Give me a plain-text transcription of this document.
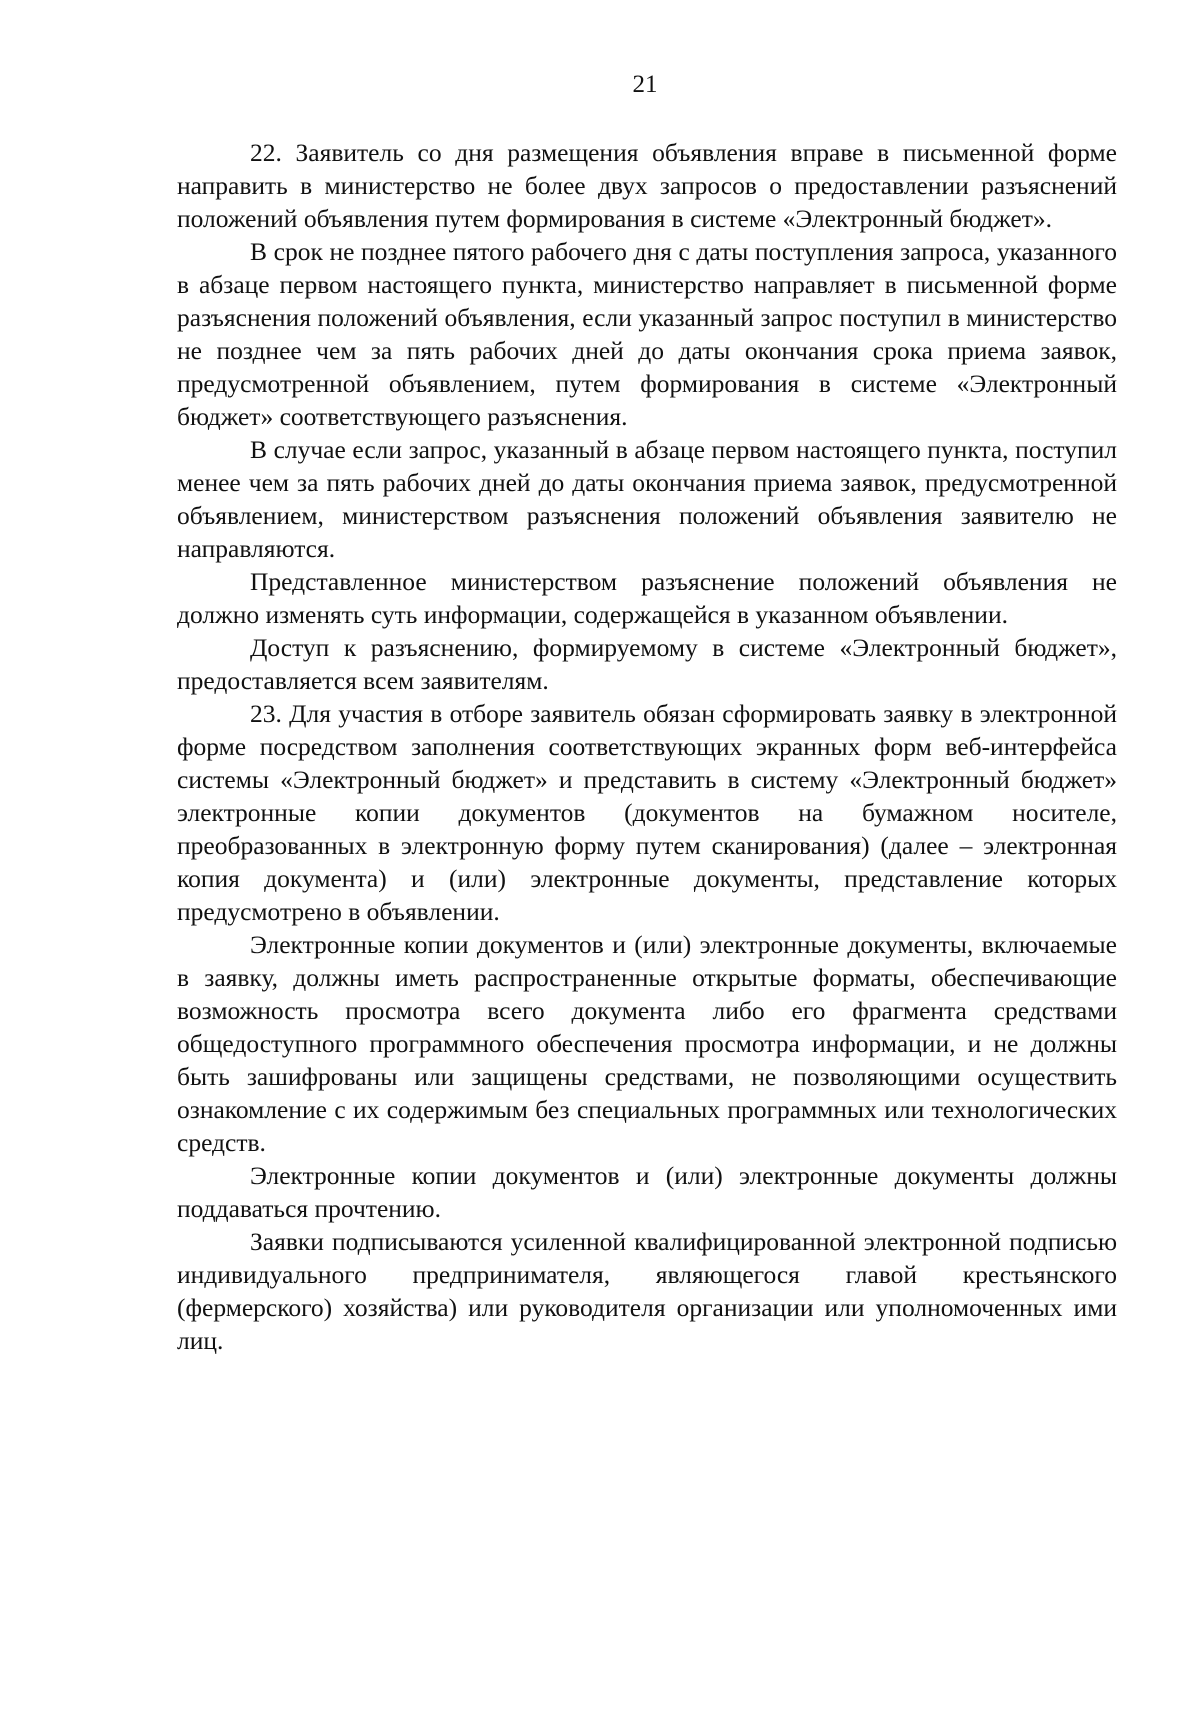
21

22. Заявитель со дня размещения объявления вправе в письменной форме направить в министерство не более двух запросов о предоставлении разъяснений положений объявления путем формирования в системе «Электронный бюджет».

В срок не позднее пятого рабочего дня с даты поступления запроса, указанного в абзаце первом настоящего пункта, министерство направляет в письменной форме разъяснения положений объявления, если указанный запрос поступил в министерство не позднее чем за пять рабочих дней до даты окончания срока приема заявок, предусмотренной объявлением, путем формирования в системе «Электронный бюджет» соответствующего разъяснения.

В случае если запрос, указанный в абзаце первом настоящего пункта, поступил менее чем за пять рабочих дней до даты окончания приема заявок, предусмотренной объявлением, министерством разъяснения положений объявления заявителю не направляются.

Представленное министерством разъяснение положений объявления не должно изменять суть информации, содержащейся в указанном объявлении.

Доступ к разъяснению, формируемому в системе «Электронный бюджет», предоставляется всем заявителям.

23. Для участия в отборе заявитель обязан сформировать заявку в электронной форме посредством заполнения соответствующих экранных форм веб-интерфейса системы «Электронный бюджет» и представить в систему «Электронный бюджет» электронные копии документов (документов на бумажном носителе, преобразованных в электронную форму путем сканирования) (далее – электронная копия документа) и (или) электронные документы, представление которых предусмотрено в объявлении.

Электронные копии документов и (или) электронные документы, включаемые в заявку, должны иметь распространенные открытые форматы, обеспечивающие возможность просмотра всего документа либо его фрагмента средствами общедоступного программного обеспечения просмотра информации, и не должны быть зашифрованы или защищены средствами, не позволяющими осуществить ознакомление с их содержимым без специальных программных или технологических средств.

Электронные копии документов и (или) электронные документы должны поддаваться прочтению.

Заявки подписываются усиленной квалифицированной электронной подписью индивидуального предпринимателя, являющегося главой крестьянского (фермерского) хозяйства) или руководителя организации или уполномоченных ими лиц.
